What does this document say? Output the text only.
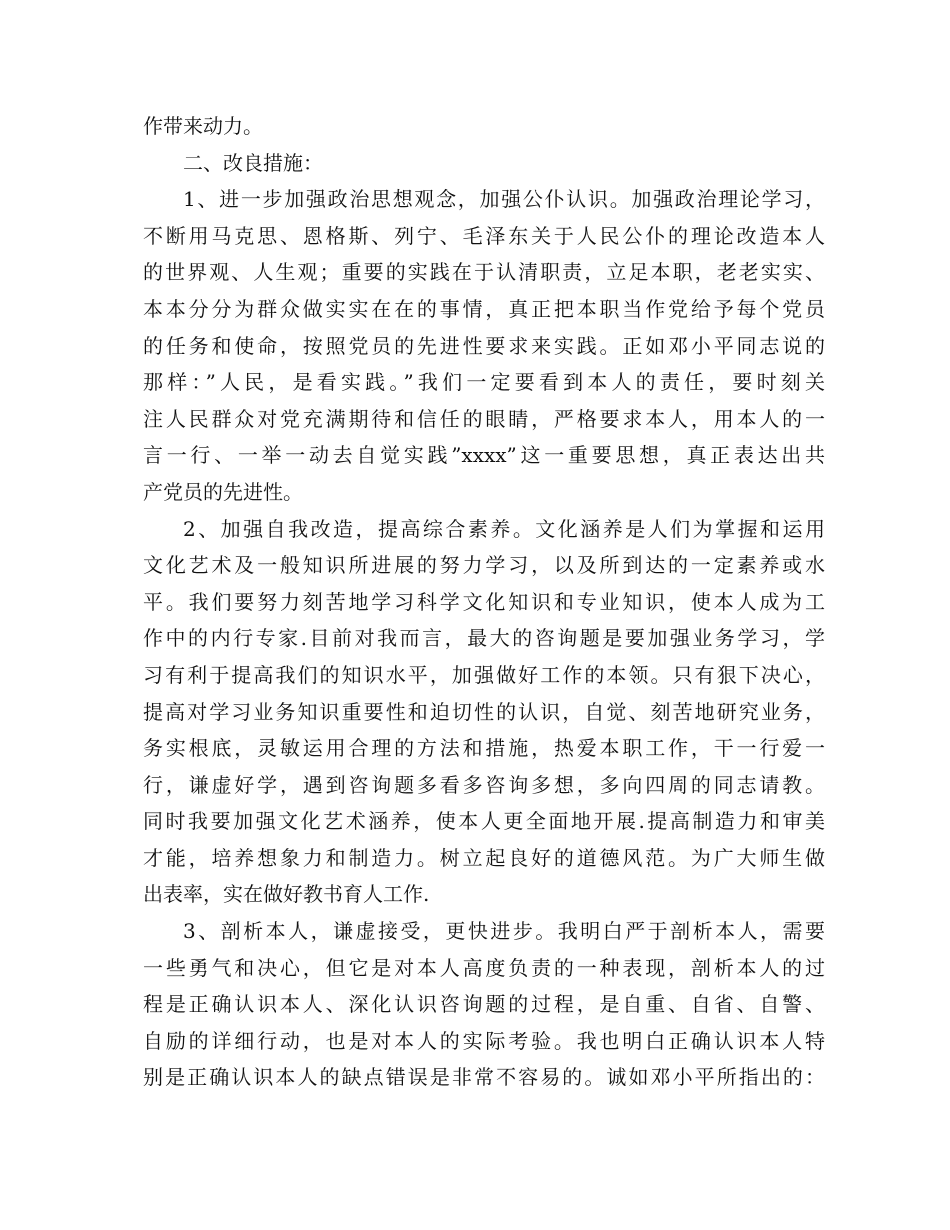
作带来动力。
二、改良措施：
1、进一步加强政治思想观念，加强公仆认识。加强政治理论学习，
不断用马克思、恩格斯、列宁、毛泽东关于人民公仆的理论改造本人
的世界观、人生观；重要的实践在于认清职责，立足本职，老老实实、
本本分分为群众做实实在在的事情，真正把本职当作党给予每个党员
的任务和使命，按照党员的先进性要求来实践。正如邓小平同志说的
那样：”人民，是看实践。”我们一定要看到本人的责任，要时刻关
注人民群众对党充满期待和信任的眼睛，严格要求本人，用本人的一
言一行、一举一动去自觉实践”xxxx”这一重要思想，真正表达出共
产党员的先进性。
2、加强自我改造，提高综合素养。文化涵养是人们为掌握和运用
文化艺术及一般知识所进展的努力学习，以及所到达的一定素养或水
平。我们要努力刻苦地学习科学文化知识和专业知识，使本人成为工
作中的内行专家.目前对我而言，最大的咨询题是要加强业务学习，学
习有利于提高我们的知识水平，加强做好工作的本领。只有狠下决心，
提高对学习业务知识重要性和迫切性的认识，自觉、刻苦地研究业务，
务实根底，灵敏运用合理的方法和措施，热爱本职工作，干一行爱一
行，谦虚好学，遇到咨询题多看多咨询多想，多向四周的同志请教。
同时我要加强文化艺术涵养，使本人更全面地开展.提高制造力和审美
才能，培养想象力和制造力。树立起良好的道德风范。为广大师生做
出表率，实在做好教书育人工作.
3、剖析本人，谦虚接受，更快进步。我明白严于剖析本人，需要
一些勇气和决心，但它是对本人高度负责的一种表现，剖析本人的过
程是正确认识本人、深化认识咨询题的过程，是自重、自省、自警、
自励的详细行动，也是对本人的实际考验。我也明白正确认识本人特
别是正确认识本人的缺点错误是非常不容易的。诚如邓小平所指出的：
